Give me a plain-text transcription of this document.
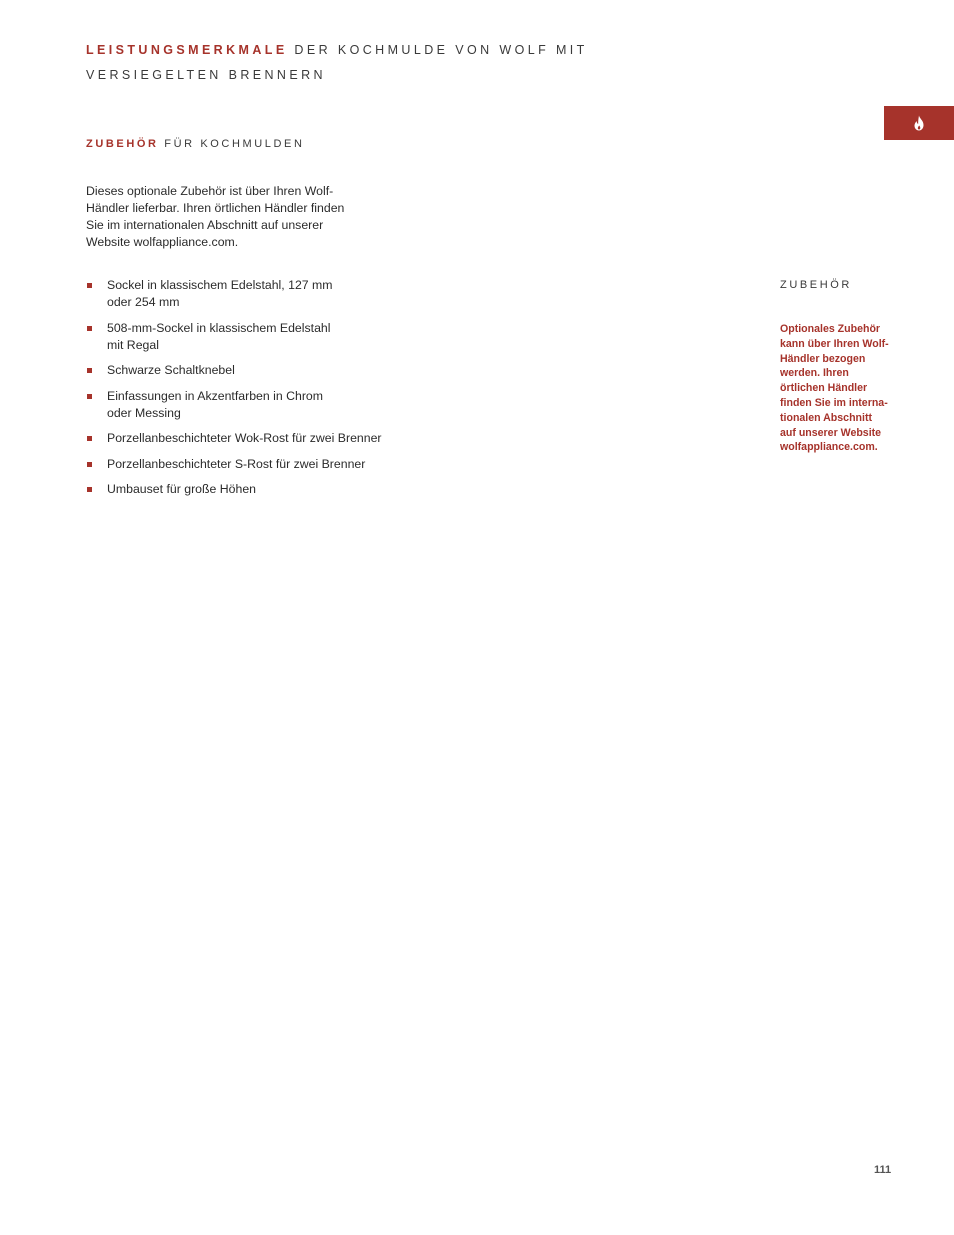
LEISTUNGSMERKMALE DER KOCHMULDE VON WOLF MIT
VERSIEGELTEN BRENNERN
ZUBEHÖR FÜR KOCHMULDEN

Dieses optionale Zubehör ist über Ihren Wolf-
Händler lieferbar. Ihren örtlichen Händler finden
Sie im internationalen Abschnitt auf unserer
Website wolfappliance.com.

Sockel in klassischem Edelstahl, 127 mm
oder 254 mm
508-mm-Sockel in klassischem Edelstahl
mit Regal
Schwarze Schaltknebel
Einfassungen in Akzentfarben in Chrom
oder Messing
Porzellanbeschichteter Wok-Rost für zwei Brenner
Porzellanbeschichteter S-Rost für zwei Brenner
Umbauset für große Höhen
ZUBEHÖR
Optionales Zubehör
kann über Ihren Wolf-
Händler bezogen
werden. Ihren
örtlichen Händler
finden Sie im interna-
tionalen Abschnitt
auf unserer Website
wolfappliance.com.
111
